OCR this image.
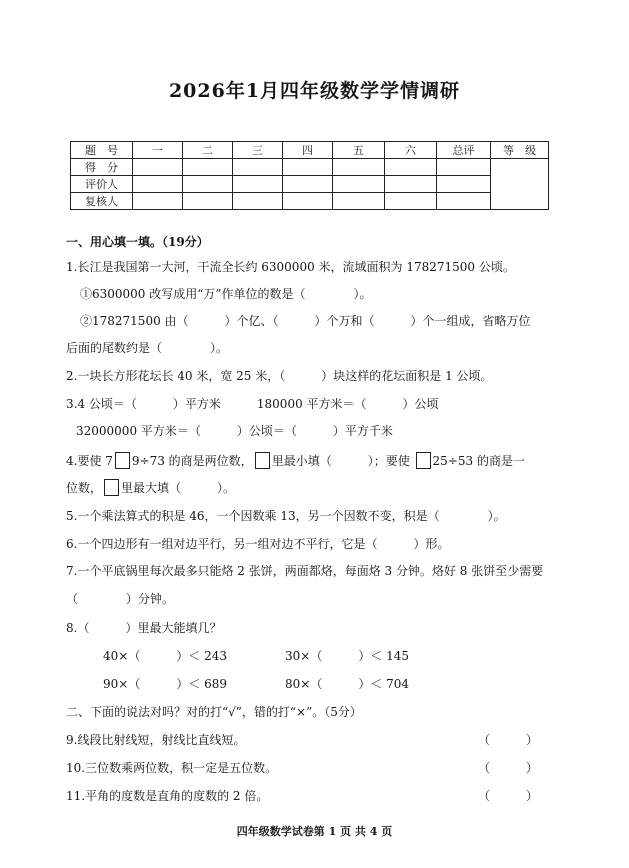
2026年1月四年级数学学情调研
题　号	一	二	三	四	五	六	总评	等　级
得　分								
评价人								
复核人								
一、用心填一填。（19分）
1.长江是我国第一大河，干流全长约 6300000 米，流域面积为 178271500 公顷。
①6300000 改写成用“万”作单位的数是（　　　　）。
②178271500 由（　　　）个亿、（　　　）个万和（　　　）个一组成，省略万位
后面的尾数约是（　　　　）。
2.一块长方形花坛长 40 米，宽 25 米，（　　　）块这样的花坛面积是 1 公顷。
3.4 公顷＝（　　　）平方米　　　180000 平方米＝（　　　）公顷
32000000 平方米＝（　　　）公顷＝（　　　）平方千米
4.要使 7 9÷73 的商是两位数， 里最小填（　　　）；要使 25÷53 的商是一
位数， 里最大填（　　　）。
5.一个乘法算式的积是 46，一个因数乘 13，另一个因数不变，积是（　　　　）。
6.一个四边形有一组对边平行，另一组对边不平行，它是（　　　）形。
7.一个平底锅里每次最多只能烙 2 张饼，两面都烙，每面烙 3 分钟。烙好 8 张饼至少需要
（　　　　）分钟。
8.（　　　）里最大能填几？
40×（　　　）＜ 243	30×（　　　）＜ 145
90×（　　　）＜ 689	80×（　　　）＜ 704
二、下面的说法对吗？对的打“√”，错的打“×”。（5分）
9.线段比射线短，射线比直线短。	（　　　）
10.三位数乘两位数，积一定是五位数。	（　　　）
11.平角的度数是直角的度数的 2 倍。	（　　　）
四年级数学试卷第 1 页 共 4 页
